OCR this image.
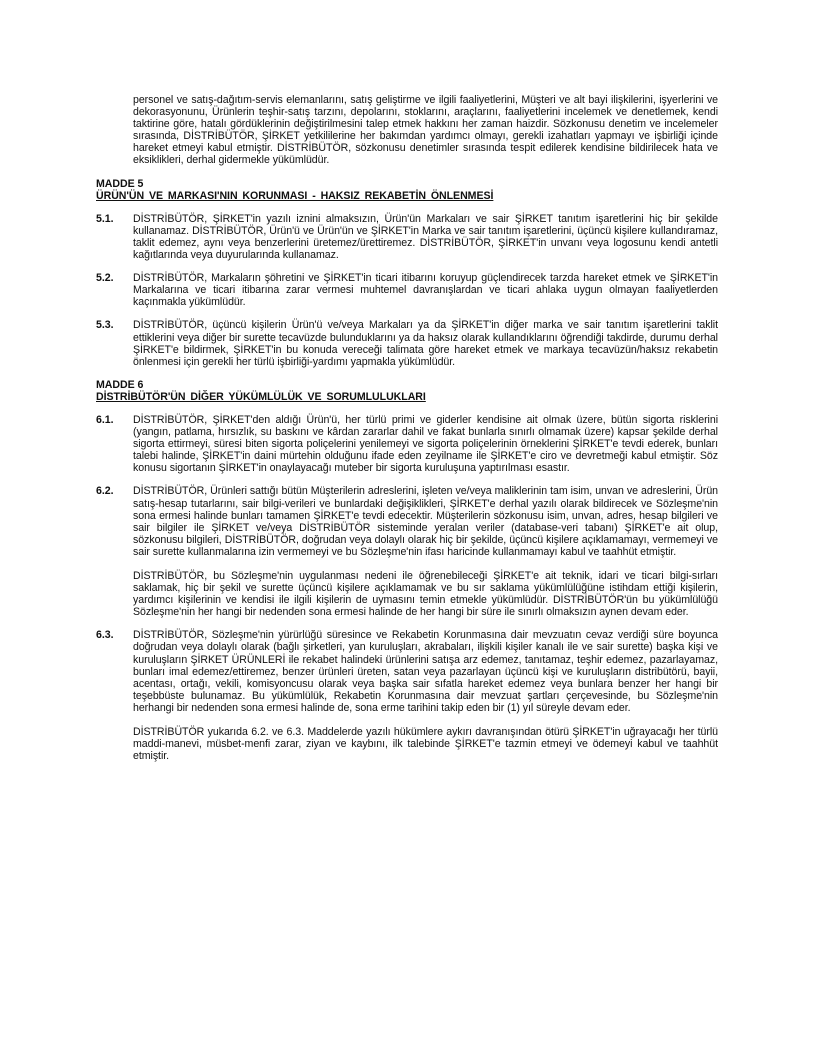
personel ve satış-dağıtım-servis elemanlarını, satış geliştirme ve ilgili faaliyetlerini, Müşteri ve alt bayi ilişkilerini, işyerlerini ve dekorasyonunu, Ürünlerin teşhir-satış tarzını, depolarını, stoklarını, araçlarını, faaliyetlerini incelemek ve denetlemek, kendi taktirine göre, hatalı gördüklerinin değiştirilmesini talep etmek hakkını her zaman haizdir. Sözkonusu denetim ve incelemeler sırasında, DİSTRİBÜTÖR, ŞİRKET yetkililerine her bakımdan yardımcı olmayı, gerekli izahatları yapmayı ve işbirliği içinde hareket etmeyi kabul etmiştir. DİSTRİBÜTÖR, sözkonusu denetimler sırasında tespit edilerek kendisine bildirilecek hata ve eksiklikleri, derhal gidermekle yükümlüdür.

MADDE 5

ÜRÜN'ÜN VE MARKASI'NIN KORUNMASI - HAKSIZ REKABETİN ÖNLENMESİ

5.1.	DİSTRİBÜTÖR, ŞİRKET'in yazılı iznini almaksızın, Ürün'ün Markaları ve sair ŞİRKET tanıtım işaretlerini hiç bir şekilde kullanamaz. DİSTRİBÜTÖR, Ürün'ü ve Ürün'ün ve ŞİRKET'in Marka ve sair tanıtım işaretlerini, üçüncü kişilere kullandıramaz, taklit edemez, aynı veya benzerlerini üretemez/ürettiremez. DİSTRİBÜTÖR, ŞİRKET'in unvanı veya logosunu kendi antetli kağıtlarında veya duyurularında kullanamaz.

5.2.	DİSTRİBÜTÖR, Markaların şöhretini ve ŞİRKET'in ticari itibarını koruyup güçlendirecek tarzda hareket etmek ve ŞİRKET'in Markalarına ve ticari itibarına zarar vermesi muhtemel davranışlardan ve ticari ahlaka uygun olmayan faaliyetlerden kaçınmakla yükümlüdür.

5.3.	DİSTRİBÜTÖR, üçüncü kişilerin Ürün'ü ve/veya Markaları ya da ŞİRKET'in diğer marka ve sair tanıtım işaretlerini taklit ettiklerini veya diğer bir surette tecavüzde bulunduklarını ya da haksız olarak kullandıklarını öğrendiği takdirde, durumu derhal ŞİRKET'e bildirmek, ŞİRKET'in bu konuda vereceği talimata göre hareket etmek ve markaya tecavüzün/haksız rekabetin önlenmesi için gerekli her türlü işbirliği-yardımı yapmakla yükümlüdür.

MADDE 6

DİSTRİBÜTÖR'ÜN DİĞER YÜKÜMLÜLÜK VE SORUMLULUKLARI

6.1.	DİSTRİBÜTÖR, ŞİRKET'den aldığı Ürün'ü, her türlü primi ve giderler kendisine ait olmak üzere, bütün sigorta risklerini (yangın, patlama, hırsızlık, su baskını ve kârdan zararlar dahil ve fakat bunlarla sınırlı olmamak üzere) kapsar şekilde derhal sigorta ettirmeyi, süresi biten sigorta poliçelerini yenilemeyi ve sigorta poliçelerinin örneklerini ŞİRKET'e tevdi ederek, bunları talebi halinde, ŞİRKET'in daini mürtehin olduğunu ifade eden zeyilname ile ŞİRKET'e ciro ve devretmeği kabul etmiştir. Söz konusu sigortanın ŞİRKET'in onaylayacağı muteber bir sigorta kuruluşuna yaptırılması esastır.

6.2.	DİSTRİBÜTÖR, Ürünleri sattığı bütün Müşterilerin adreslerini, işleten ve/veya maliklerinin tam isim, unvan ve adreslerini, Ürün satış-hesap tutarlarını, sair bilgi-verileri ve bunlardaki değişiklikleri, ŞİRKET'e derhal yazılı olarak bildirecek ve Sözleşme'nin sona ermesi halinde bunları tamamen ŞİRKET'e tevdi edecektir. Müşterilerin sözkonusu isim, unvan, adres, hesap bilgileri ve sair bilgiler ile ŞİRKET ve/veya DİSTRİBÜTÖR sisteminde yeralan veriler (database-veri tabanı) ŞİRKET'e ait olup, sözkonusu bilgileri, DİSTRİBÜTÖR, doğrudan veya dolaylı olarak hiç bir şekilde, üçüncü kişilere açıklamamayı, vermemeyi ve sair surette kullanmalarına izin vermemeyi ve bu Sözleşme'nin ifası haricinde kullanmamayı kabul ve taahhüt etmiştir.

DİSTRİBÜTÖR, bu Sözleşme'nin uygulanması nedeni ile öğrenebileceği ŞİRKET'e ait teknik, idari ve ticari bilgi-sırları saklamak, hiç bir şekil ve surette üçüncü kişilere açıklamamak ve bu sır saklama yükümlülüğüne istihdam ettiği kişilerin, yardımcı kişilerinin ve kendisi ile ilgili kişilerin de uymasını temin etmekle yükümlüdür. DİSTRİBÜTÖR'ün bu yükümlülüğü Sözleşme'nin her hangi bir nedenden sona ermesi halinde de her hangi bir süre ile sınırlı olmaksızın aynen devam eder.

6.3.	DİSTRİBÜTÖR, Sözleşme'nin yürürlüğü süresince ve Rekabetin Korunmasına dair mevzuatın cevaz verdiği süre boyunca doğrudan veya dolaylı olarak (bağlı şirketleri, yan kuruluşları, akrabaları, ilişkili kişiler kanalı ile ve sair surette) başka kişi ve kuruluşların ŞİRKET ÜRÜNLERİ ile rekabet halindeki ürünlerini satışa arz edemez, tanıtamaz, teşhir edemez, pazarlayamaz, bunları imal edemez/ettiremez, benzer ürünleri üreten, satan veya pazarlayan üçüncü kişi ve kuruluşların distribütörü, bayii, acentası, ortağı, vekili, komisyoncusu olarak veya başka sair sıfatla hareket edemez veya bunlara benzer her hangi bir teşebbüste bulunamaz. Bu yükümlülük, Rekabetin Korunmasına dair mevzuat şartları çerçevesinde, bu Sözleşme'nin herhangi bir nedenden sona ermesi halinde de, sona erme tarihini takip eden bir (1) yıl süreyle devam eder.

DİSTRİBÜTÖR yukarıda 6.2. ve 6.3. Maddelerde yazılı hükümlere aykırı davranışından ötürü ŞİRKET'in uğrayacağı her türlü maddi-manevi, müsbet-menfi zarar, ziyan ve kaybını, ilk talebinde ŞİRKET'e tazmin etmeyi ve ödemeyi kabul ve taahhüt etmiştir.
